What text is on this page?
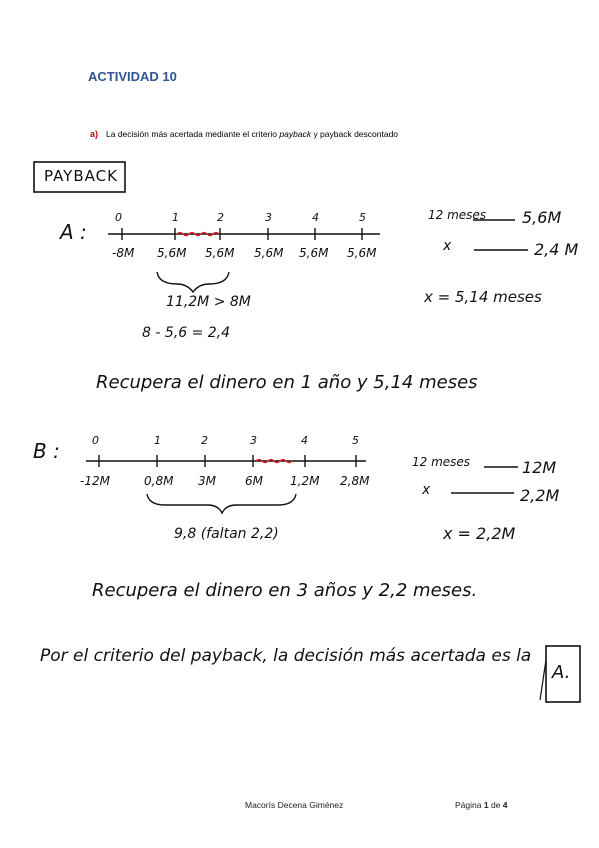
ACTIVIDAD 10
a) La decisión más acertada mediante el criterio payback y payback descontado
PAYBACK
A :
0	1	2	3	4	5
-8M 5,6M 5,6M 5,6M 5,6M 5,6M
11,2M > 8M
8 - 5,6 = 2,4
12 meses 5,6M
x	2,4 M
x = 5,14 meses
Recupera el dinero en 1 año y 5,14 meses
B :	0	1	2	3	4	5
-12M	0,8M 3M 6M 1,2M 2,8M
9,8 (faltan 2,2)
12 meses	12M
x	2,2M
x = 2,2M
Recupera el dinero en 3 años y 2,2 meses.
Por el criterio del payback, la decisión más acertada es la
A.
Macorís Decena Giménez	Página 1 de 4
